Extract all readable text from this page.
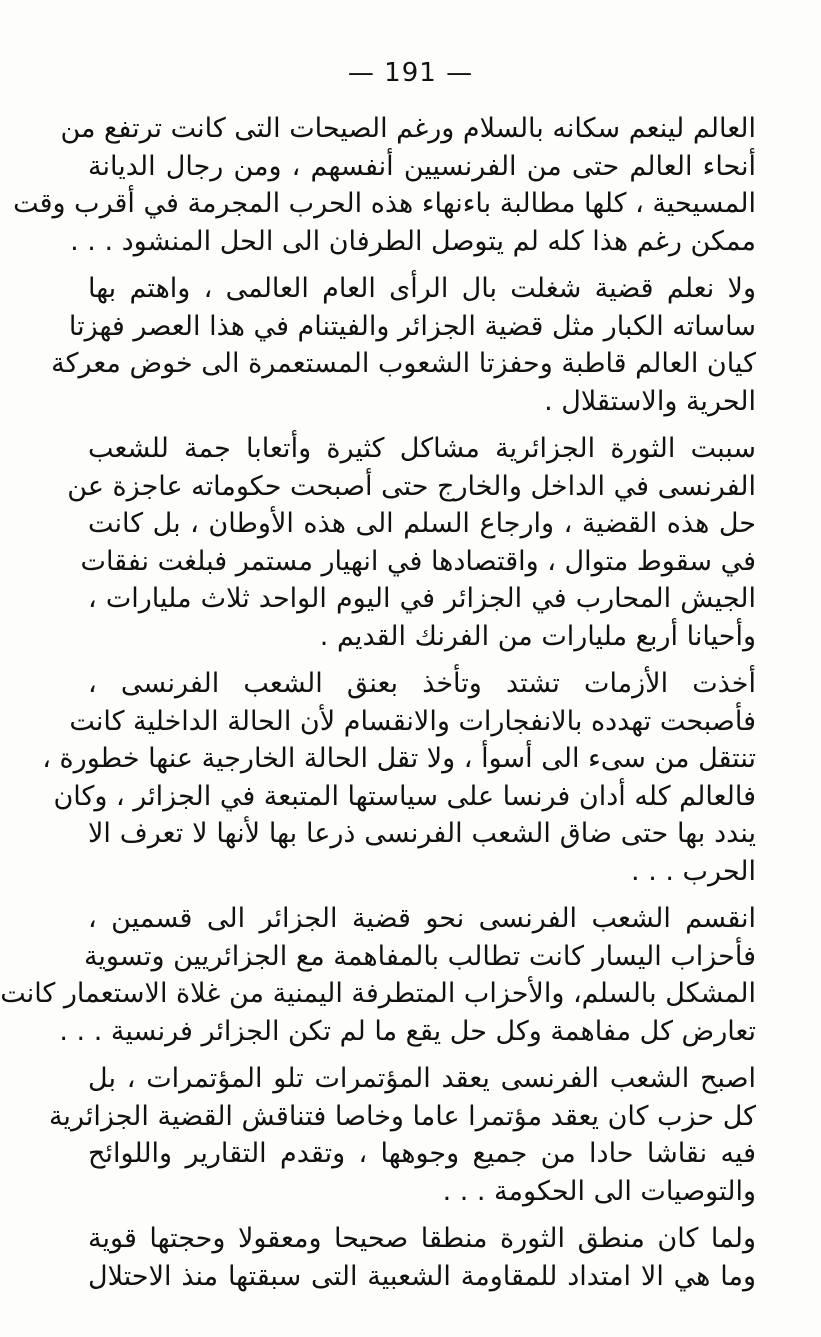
— 191 —

العالم لينعم سكانه بالسلام ورغم الصيحات التى كانت ترتفع من
أنحاء العالم حتى من الفرنسيين أنفسهم ، ومن رجال الديانة
المسيحية ، كلها مطالبة باءنهاء هذه الحرب المجرمة في أقرب وقت
ممكن رغم هذا كله لم يتوصل الطرفان الى الحل المنشود . . .

ولا نعلم قضية شغلت بال الرأى العام العالمى ، واهتم بها
ساساته الكبار مثل قضية الجزائر والفيتنام في هذا العصر فهزتا
كيان العالم قاطبة وحفزتا الشعوب المستعمرة الى خوض معركة
الحرية والاستقلال .

سببت الثورة الجزائرية مشاكل كثيرة وأتعابا جمة للشعب
الفرنسى في الداخل والخارج حتى أصبحت حكوماته عاجزة عن
حل هذه القضية ، وارجاع السلم الى هذه الأوطان ، بل كانت
في سقوط متوال ، واقتصادها في انهيار مستمر فبلغت نفقات
الجيش المحارب في الجزائر في اليوم الواحد ثلاث مليارات ،
وأحيانا أربع مليارات من الفرنك القديم .

أخذت الأزمات تشتد وتأخذ بعنق الشعب الفرنسى ،
فأصبحت تهدده بالانفجارات والانقسام لأن الحالة الداخلية كانت
تنتقل من سىء الى أسوأ ، ولا تقل الحالة الخارجية عنها خطورة ،
فالعالم كله أدان فرنسا على سياستها المتبعة في الجزائر ، وكان
يندد بها حتى ضاق الشعب الفرنسى ذرعا بها لأنها لا تعرف الا
الحرب . . .

انقسم الشعب الفرنسى نحو قضية الجزائر الى قسمين ،
فأحزاب اليسار كانت تطالب بالمفاهمة مع الجزائريين وتسوية
المشكل بالسلم، والأحزاب المتطرفة اليمنية من غلاة الاستعمار كانت
تعارض كل مفاهمة وكل حل يقع ما لم تكن الجزائر فرنسية . . .

اصبح الشعب الفرنسى يعقد المؤتمرات تلو المؤتمرات ، بل
كل حزب كان يعقد مؤتمرا عاما وخاصا فتناقش القضية الجزائرية
فيه نقاشا حادا من جميع وجوهها ، وتقدم التقارير واللوائح
والتوصيات الى الحكومة . . .

ولما كان منطق الثورة منطقا صحيحا ومعقولا وحجتها قوية
وما هي الا امتداد للمقاومة الشعبية التى سبقتها منذ الاحتلال
